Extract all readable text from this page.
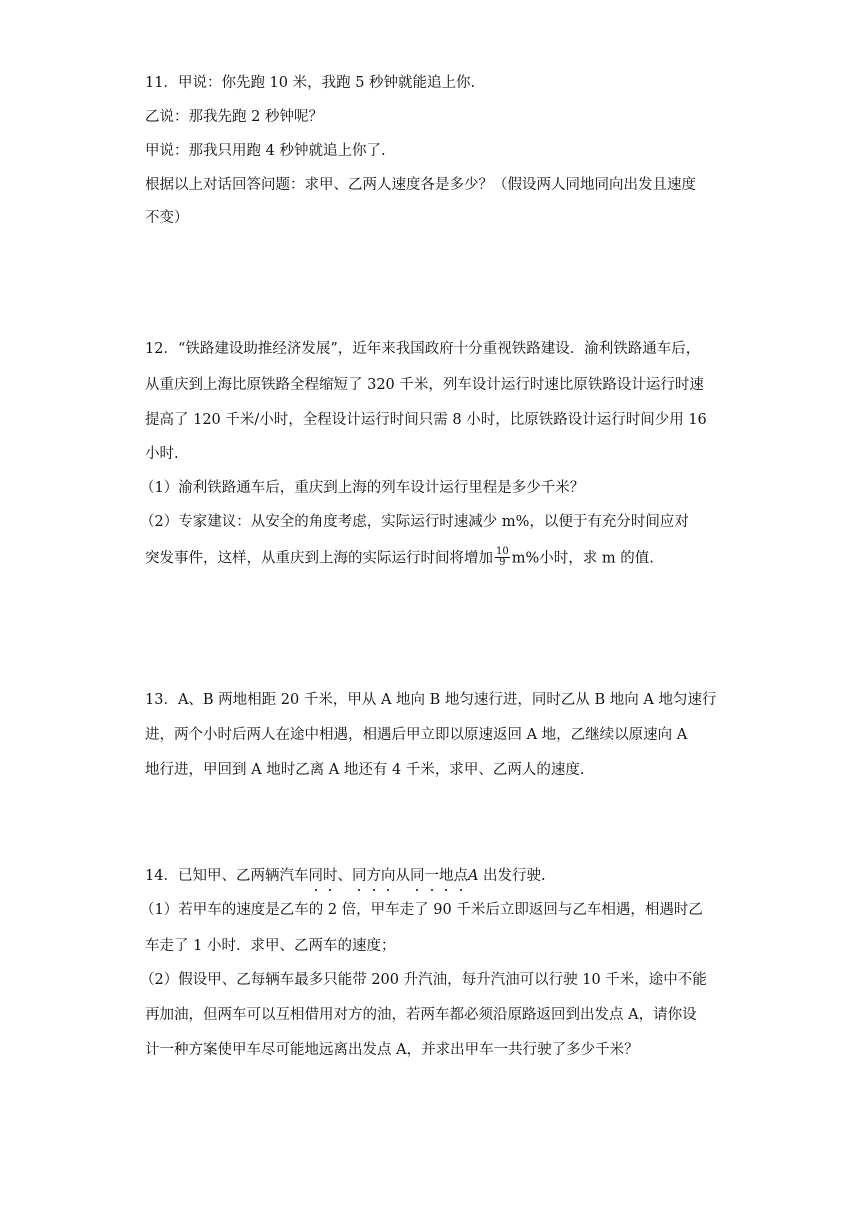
11．甲说：你先跑 10 米，我跑 5 秒钟就能追上你.
乙说：那我先跑 2 秒钟呢？
甲说：那我只用跑 4 秒钟就追上你了.
根据以上对话回答问题：求甲、乙两人速度各是多少？（假设两人同地同向出发且速度
不变）
12．“铁路建设助推经济发展”，近年来我国政府十分重视铁路建设．渝利铁路通车后，
从重庆到上海比原铁路全程缩短了 320 千米，列车设计运行时速比原铁路设计运行时速
提高了 120 千米/小时，全程设计运行时间只需 8 小时，比原铁路设计运行时间少用 16
小时.
（1）渝利铁路通车后，重庆到上海的列车设计运行里程是多少千米？
（2）专家建议：从安全的角度考虑，实际运行时速减少 m%，以便于有充分时间应对
突发事件，这样，从重庆到上海的实际运行时间将增加 $\frac{10}{9} m\%$小时，求 m 的值.
13．A、B 两地相距 20 千米，甲从 A 地向 B 地匀速行进，同时乙从 B 地向 A 地匀速行
进，两个小时后两人在途中相遇，相遇后甲立即以原速返回 A 地，乙继续以原速向 A
地行进，甲回到 A 地时乙离 A 地还有 4 千米，求甲、乙两人的速度.
14．已知甲、乙两辆汽车同时、同方向从同一地点A 出发行驶.
（1）若甲车的速度是乙车的 2 倍，甲车走了 90 千米后立即返回与乙车相遇，相遇时乙
车走了 1 小时．求甲、乙两车的速度；
（2）假设甲、乙每辆车最多只能带 200 升汽油，每升汽油可以行驶 10 千米，途中不能
再加油，但两车可以互相借用对方的油，若两车都必须沿原路返回到出发点 A，请你设
计一种方案使甲车尽可能地远离出发点 A，并求出甲车一共行驶了多少千米？
